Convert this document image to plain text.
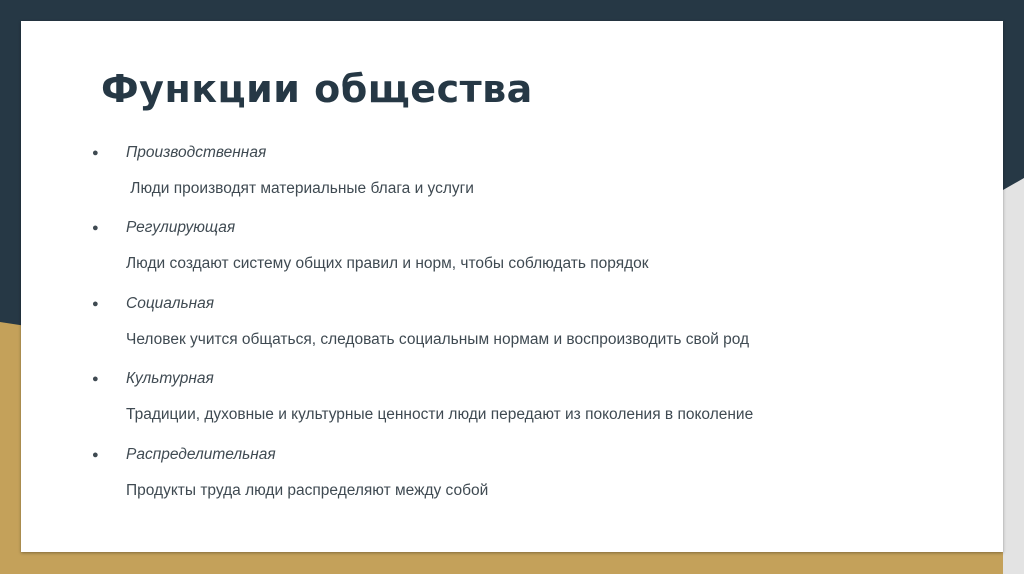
Функции общества
● Производственная
Люди производят материальные блага и услуги
● Регулирующая
Люди создают систему общих правил и норм, чтобы соблюдать порядок
● Социальная
Человек учится общаться, следовать социальным нормам и воспроизводить свой род
● Культурная
Традиции, духовные и культурные ценности люди передают из поколения в поколение
● Распределительная
Продукты труда люди распределяют между собой
